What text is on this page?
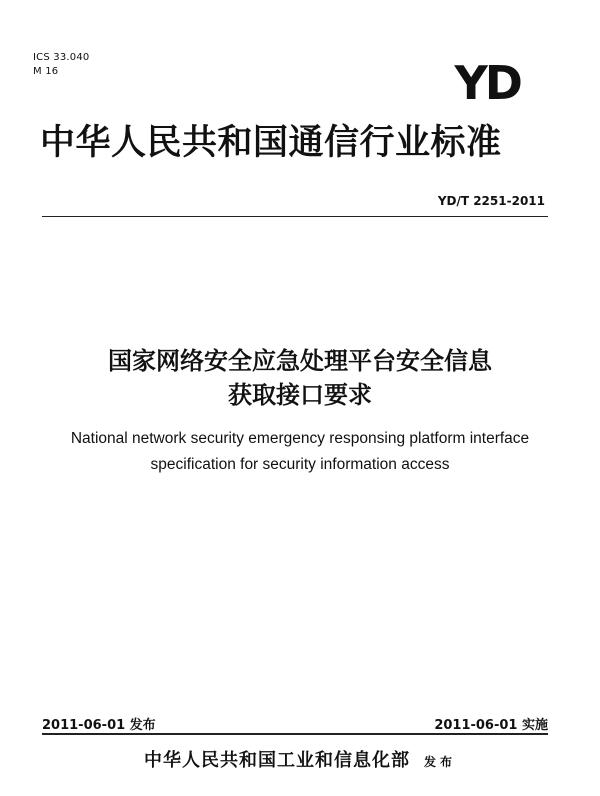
ICS 33.040
M 16	YD
中华人民共和国通信行业标准
YD/T 2251-2011
国家网络安全应急处理平台安全信息
获取接口要求
National network security emergency responsing platform interface
specification for security information access
2011-06-01 发布	2011-06-01 实施
中华人民共和国工业和信息化部 发布
